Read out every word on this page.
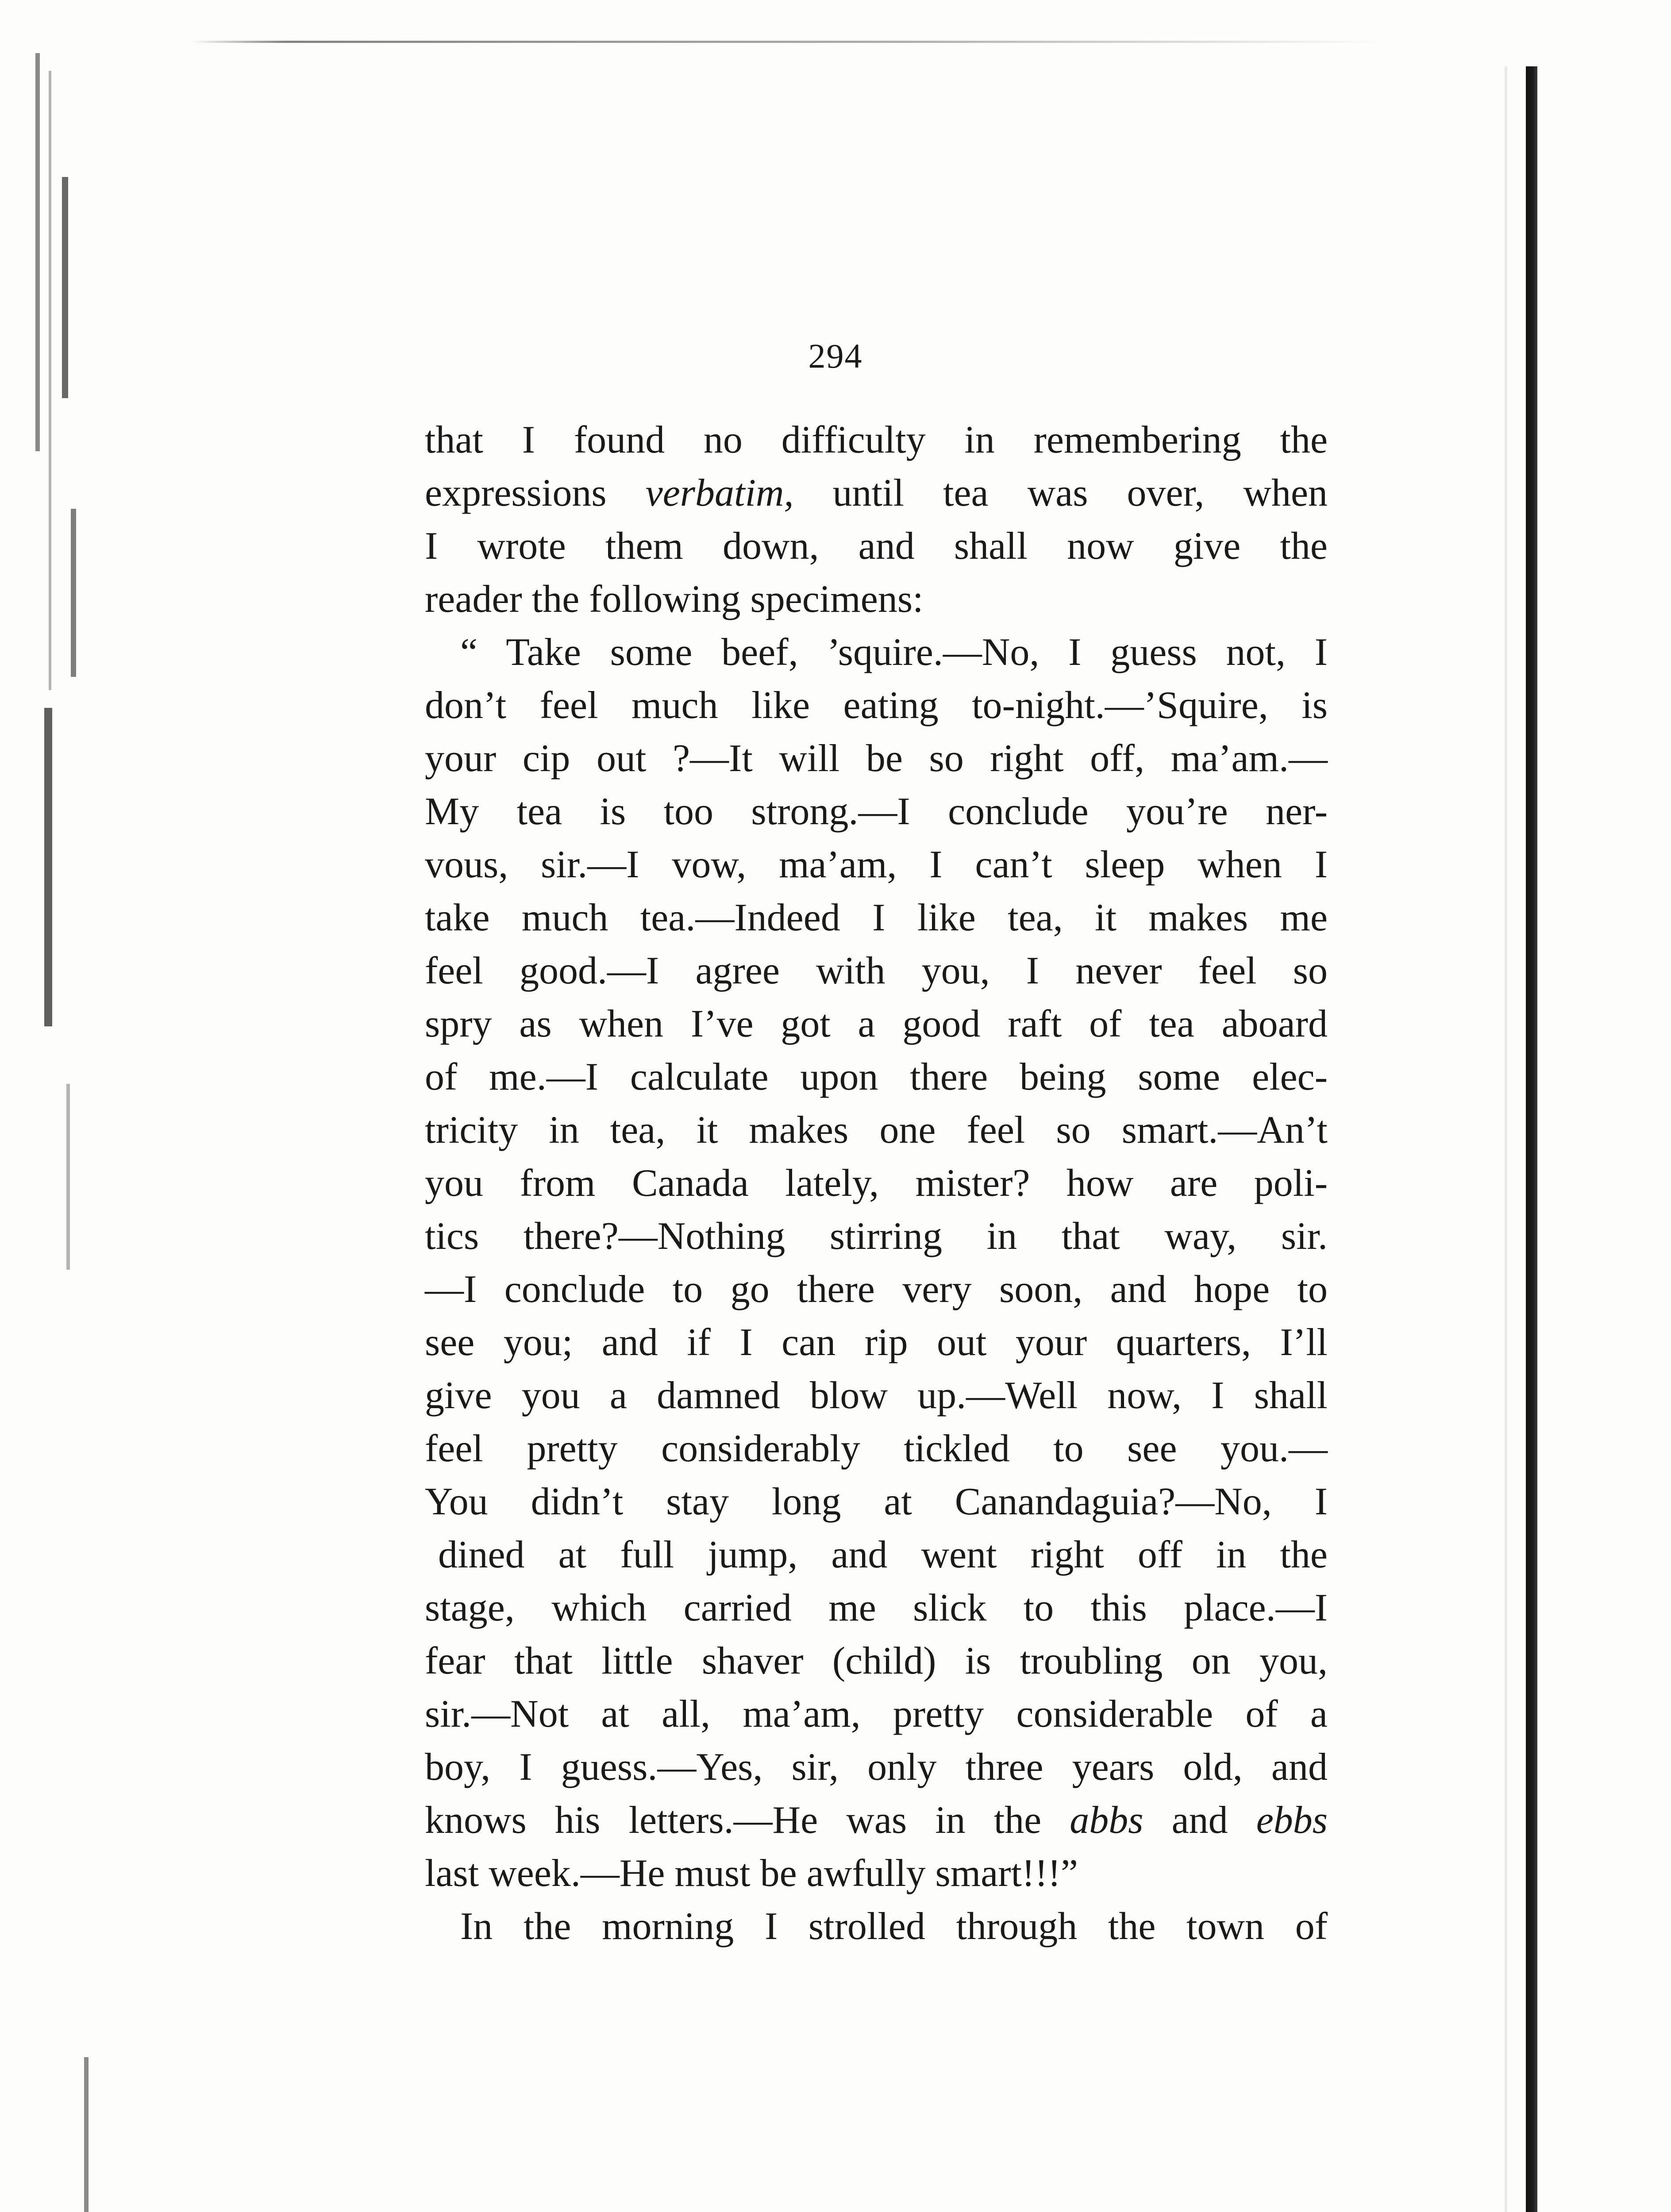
294
that I found no difficulty in remembering the
expressions verbatim, until tea was over, when
I wrote them down, and shall now give the
reader the following specimens:
“ Take some beef, ’squire.—No, I guess not, I
don’t feel much like eating to-night.—’Squire, is
your cip out ?—It will be so right off, ma’am.—
My tea is too strong.—I conclude you’re ner-
vous, sir.—I vow, ma’am, I can’t sleep when I
take much tea.—Indeed I like tea, it makes me
feel good.—I agree with you, I never feel so
spry as when I’ve got a good raft of tea aboard
of me.—I calculate upon there being some elec-
tricity in tea, it makes one feel so smart.—An’t
you from Canada lately, mister? how are poli-
tics there?—Nothing stirring in that way, sir.
—I conclude to go there very soon, and hope to
see you; and if I can rip out your quarters, I’ll
give you a damned blow up.—Well now, I shall
feel pretty considerably tickled to see you.—
You didn’t stay long at Canandaguia?—No, I
dined at full jump, and went right off in the
stage, which carried me slick to this place.—I
fear that little shaver (child) is troubling on you,
sir.—Not at all, ma’am, pretty considerable of a
boy, I guess.—Yes, sir, only three years old, and
knows his letters.—He was in the abbs and ebbs
last week.—He must be awfully smart!!!”
In the morning I strolled through the town of
